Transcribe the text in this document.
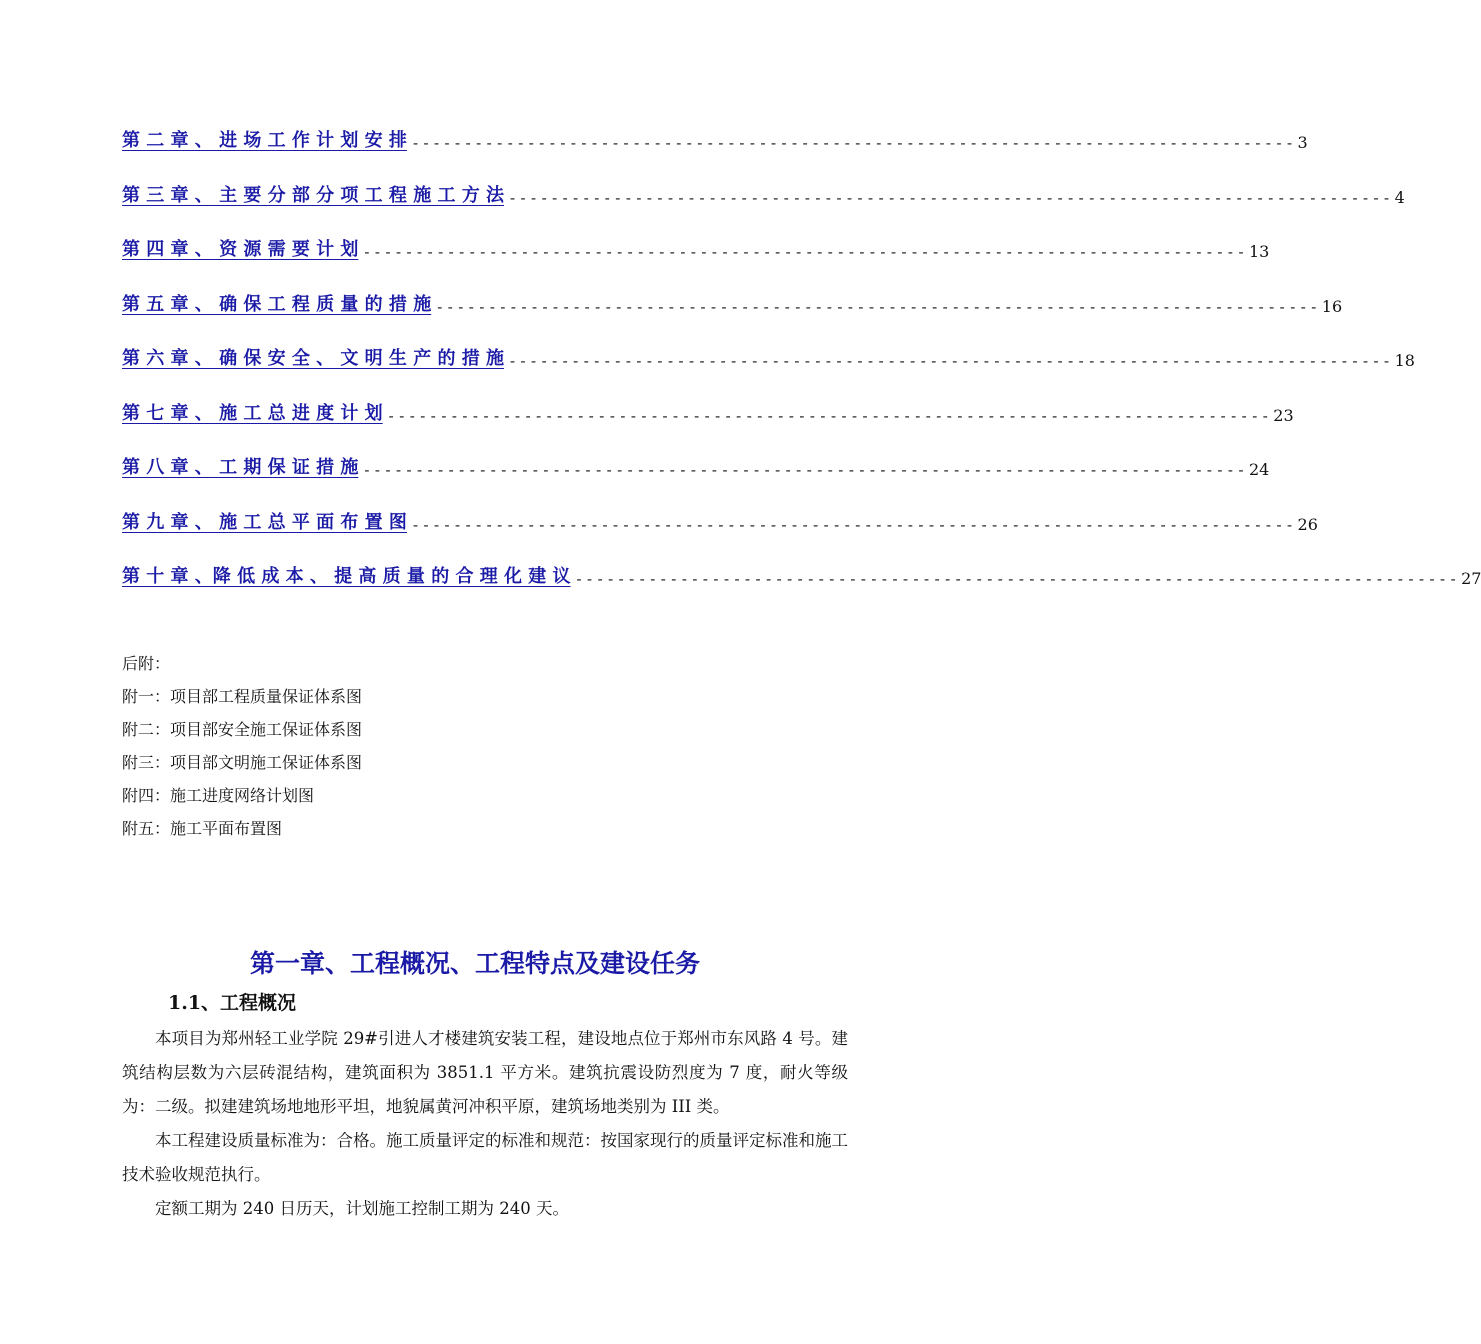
第 二 章 、 进 场 工 作 计 划 安 排 ------------------------------------------------------------------------------------ 3
第 三 章 、 主 要 分 部 分 项 工 程 施 工 方 法 ------------------------------------------------------------------------------------ 4
第 四 章 、 资 源 需 要 计 划 ------------------------------------------------------------------------------------ 13
第 五 章 、 确 保 工 程 质 量 的 措 施 ------------------------------------------------------------------------------------ 16
第 六 章 、 确 保 安 全 、 文 明 生 产 的 措 施 ------------------------------------------------------------------------------------ 18
第 七 章 、 施 工 总 进 度 计 划 ------------------------------------------------------------------------------------ 23
第 八 章 、 工 期 保 证 措 施 ------------------------------------------------------------------------------------ 24
第 九 章 、 施 工 总 平 面 布 置 图 ------------------------------------------------------------------------------------ 26
第 十 章 、降 低 成 本 、 提 高 质 量 的 合 理 化 建 议 ------------------------------------------------------------------------------------ 27
后附：
附一：项目部工程质量保证体系图
附二：项目部安全施工保证体系图
附三：项目部文明施工保证体系图
附四：施工进度网络计划图
附五：施工平面布置图
第一章、工程概况、工程特点及建设任务
1.1、工程概况

本项目为郑州轻工业学院 29#引进人才楼建筑安装工程，建设地点位于郑州市东风路 4 号。建筑结构层数为六层砖混结构，建筑面积为 3851.1 平方米。建筑抗震设防烈度为 7 度，耐火等级为：二级。拟建建筑场地地形平坦，地貌属黄河冲积平原，建筑场地类别为 III 类。

本工程建设质量标准为：合格。施工质量评定的标准和规范：按国家现行的质量评定标准和施工技术验收规范执行。

定额工期为 240 日历天，计划施工控制工期为 240 天。
